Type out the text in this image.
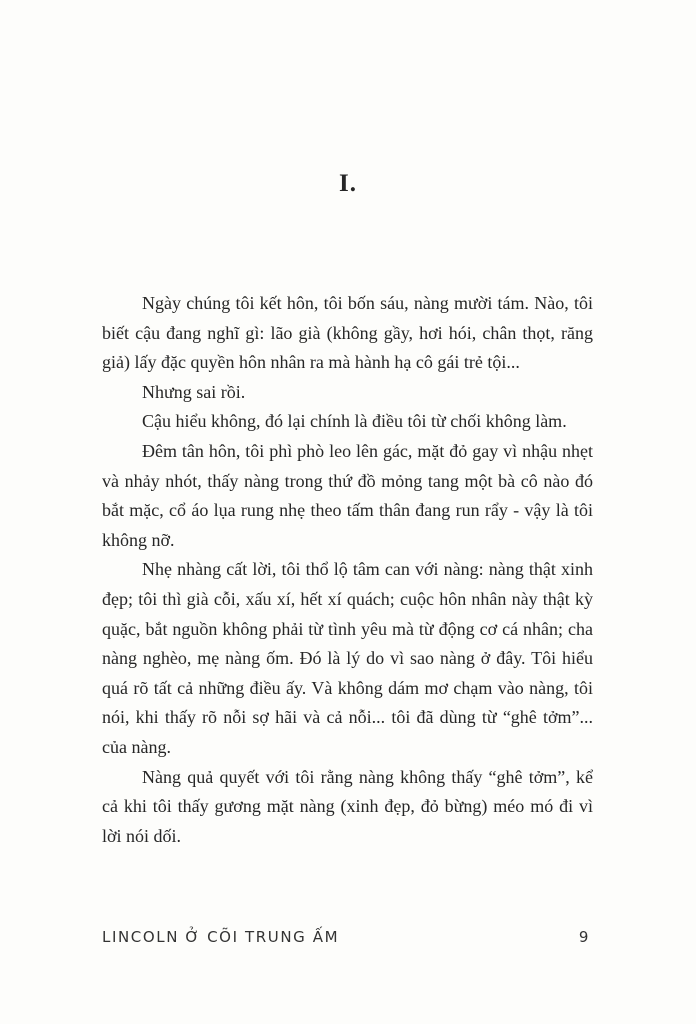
I.

Ngày chúng tôi kết hôn, tôi bốn sáu, nàng mười tám. Nào, tôi biết cậu đang nghĩ gì: lão già (không gầy, hơi hói, chân thọt, răng giả) lấy đặc quyền hôn nhân ra mà hành hạ cô gái trẻ tội...

Nhưng sai rồi.

Cậu hiểu không, đó lại chính là điều tôi từ chối không làm.

Đêm tân hôn, tôi phì phò leo lên gác, mặt đỏ gay vì nhậu nhẹt và nhảy nhót, thấy nàng trong thứ đồ mỏng tang một bà cô nào đó bắt mặc, cổ áo lụa rung nhẹ theo tấm thân đang run rẩy - vậy là tôi không nỡ.

Nhẹ nhàng cất lời, tôi thổ lộ tâm can với nàng: nàng thật xinh đẹp; tôi thì già cỗi, xấu xí, hết xí quách; cuộc hôn nhân này thật kỳ quặc, bắt nguồn không phải từ tình yêu mà từ động cơ cá nhân; cha nàng nghèo, mẹ nàng ốm. Đó là lý do vì sao nàng ở đây. Tôi hiểu quá rõ tất cả những điều ấy. Và không dám mơ chạm vào nàng, tôi nói, khi thấy rõ nỗi sợ hãi và cả nỗi... tôi đã dùng từ “ghê tởm”... của nàng.

Nàng quả quyết với tôi rằng nàng không thấy “ghê tởm”, kể cả khi tôi thấy gương mặt nàng (xinh đẹp, đỏ bừng) méo mó đi vì lời nói dối.

LINCOLN Ở CÕI TRUNG ẤM	9
